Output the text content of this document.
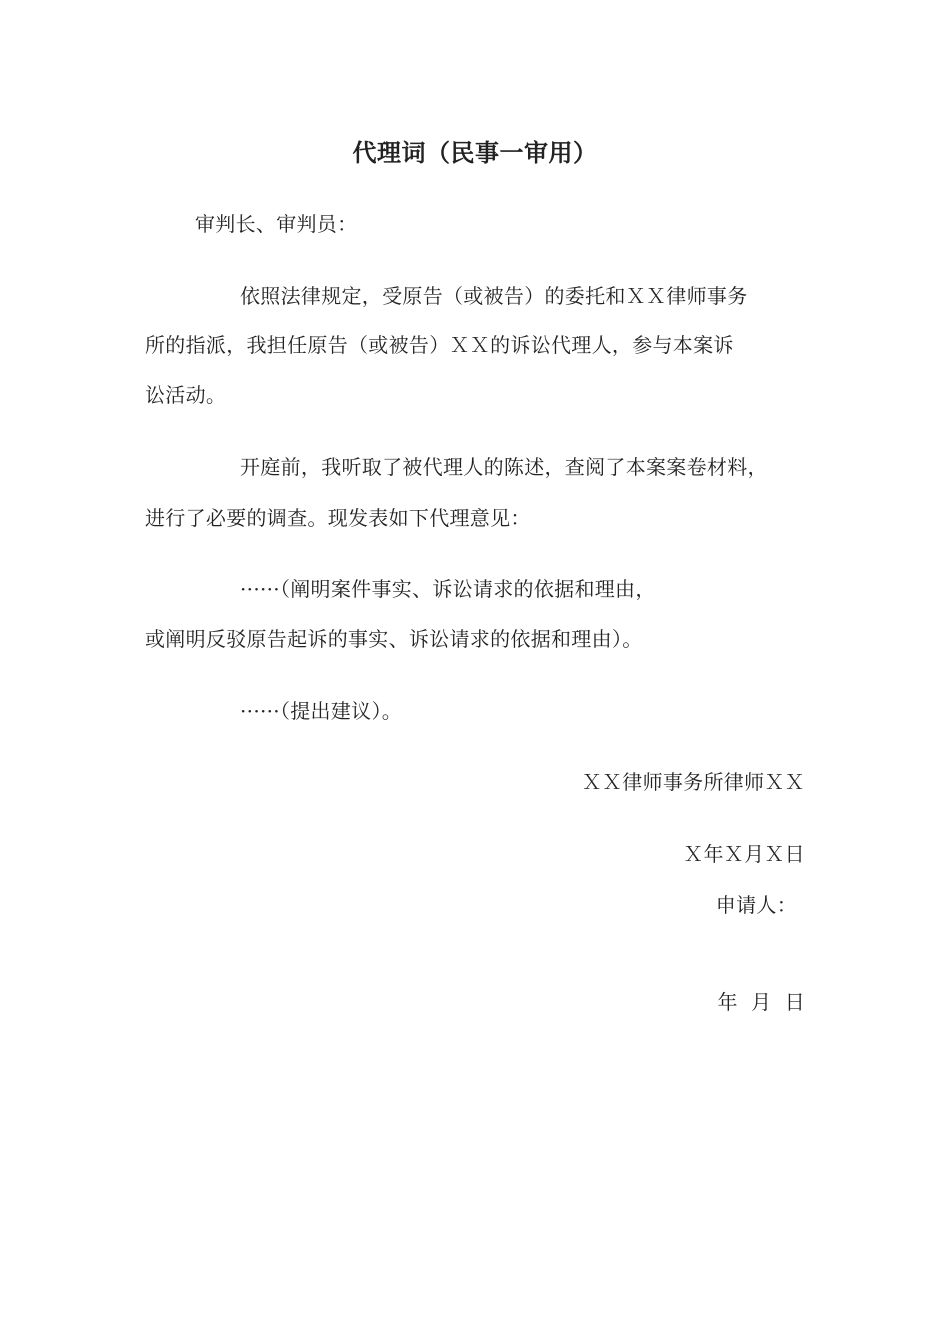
代理词（民事一审用）
审判长、审判员：
依照法律规定，受原告（或被告）的委托和ＸＸ律师事务
所的指派，我担任原告（或被告）ＸＸ的诉讼代理人，参与本案诉
讼活动。
开庭前，我听取了被代理人的陈述，查阅了本案案卷材料，
进行了必要的调查。现发表如下代理意见：
······（阐明案件事实、诉讼请求的依据和理由，
或阐明反驳原告起诉的事实、诉讼请求的依据和理由）。
······（提出建议）。
ＸＸ律师事务所律师ＸＸ
Ｘ年Ｘ月Ｘ日
申请人：
年  月  日
